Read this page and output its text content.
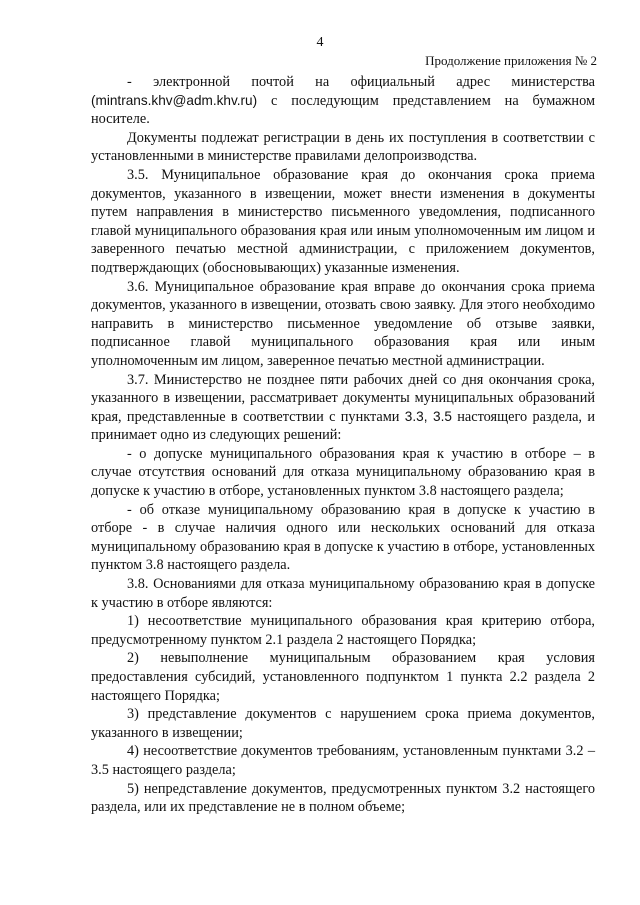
4
Продолжение приложения № 2

- электронной почтой на официальный адрес министерства (mintrans.khv@adm.khv.ru) с последующим представлением на бумажном носителе.

Документы подлежат регистрации в день их поступления в соответствии с установленными в министерстве правилами делопроизводства.

3.5. Муниципальное образование края до окончания срока приема документов, указанного в извещении, может внести изменения в документы путем направления в министерство письменного уведомления, подписанного главой муниципального образования края или иным уполномоченным им лицом и заверенного печатью местной администрации, с приложением документов, подтверждающих (обосновывающих) указанные изменения.

3.6. Муниципальное образование края вправе до окончания срока приема документов, указанного в извещении, отозвать свою заявку. Для этого необходимо направить в министерство письменное уведомление об отзыве заявки, подписанное главой муниципального образования края или иным уполномоченным им лицом, заверенное печатью местной администрации.

3.7. Министерство не позднее пяти рабочих дней со дня окончания срока, указанного в извещении, рассматривает документы муниципальных образований края, представленные в соответствии с пунктами 3.3, 3.5 настоящего раздела, и принимает одно из следующих решений:

- о допуске муниципального образования края к участию в отборе – в случае отсутствия оснований для отказа муниципальному образованию края в допуске к участию в отборе, установленных пунктом 3.8 настоящего раздела;

- об отказе муниципальному образованию края в допуске к участию в отборе - в случае наличия одного или нескольких оснований для отказа муниципальному образованию края в допуске к участию в отборе, установленных пунктом 3.8 настоящего раздела.

3.8. Основаниями для отказа муниципальному образованию края в допуске к участию в отборе являются:

1) несоответствие муниципального образования края критерию отбора, предусмотренному пунктом 2.1 раздела 2 настоящего Порядка;

2) невыполнение муниципальным образованием края условия предоставления субсидий, установленного подпунктом 1 пункта 2.2 раздела 2 настоящего Порядка;

3) представление документов с нарушением срока приема документов, указанного в извещении;

4) несоответствие документов требованиям, установленным пунктами 3.2 – 3.5 настоящего раздела;

5) непредставление документов, предусмотренных пунктом 3.2 настоящего раздела, или их представление не в полном объеме;
